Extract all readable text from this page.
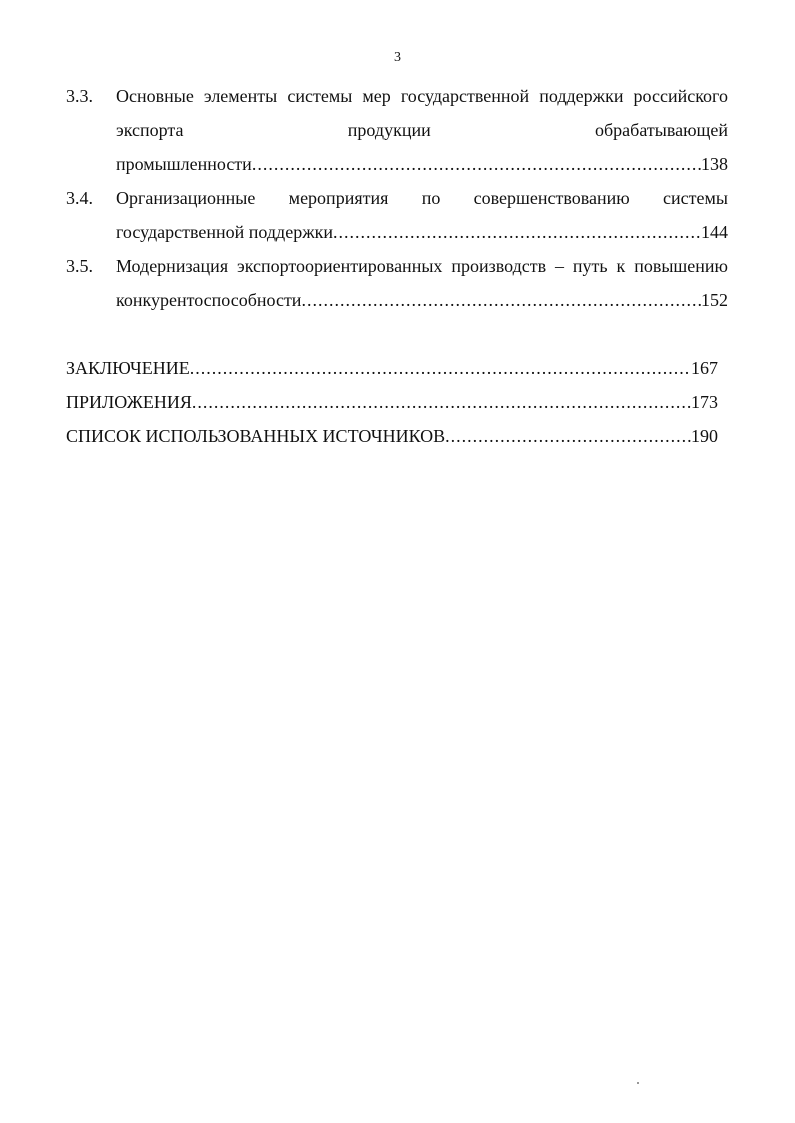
3
3.3.	Основные элементы системы мер государственной поддержки российского
экспорта продукции обрабатывающей
промышленности .....	138
3.4.	Организационные мероприятия по совершенствованию системы
государственной поддержки .....	144
3.5.	Модернизация экспортоориентированных производств – путь к повышению
конкурентоспособности .....	152
ЗАКЛЮЧЕНИЕ .....	167
ПРИЛОЖЕНИЯ .....	173
СПИСОК ИСПОЛЬЗОВАННЫХ ИСТОЧНИКОВ .....	190
